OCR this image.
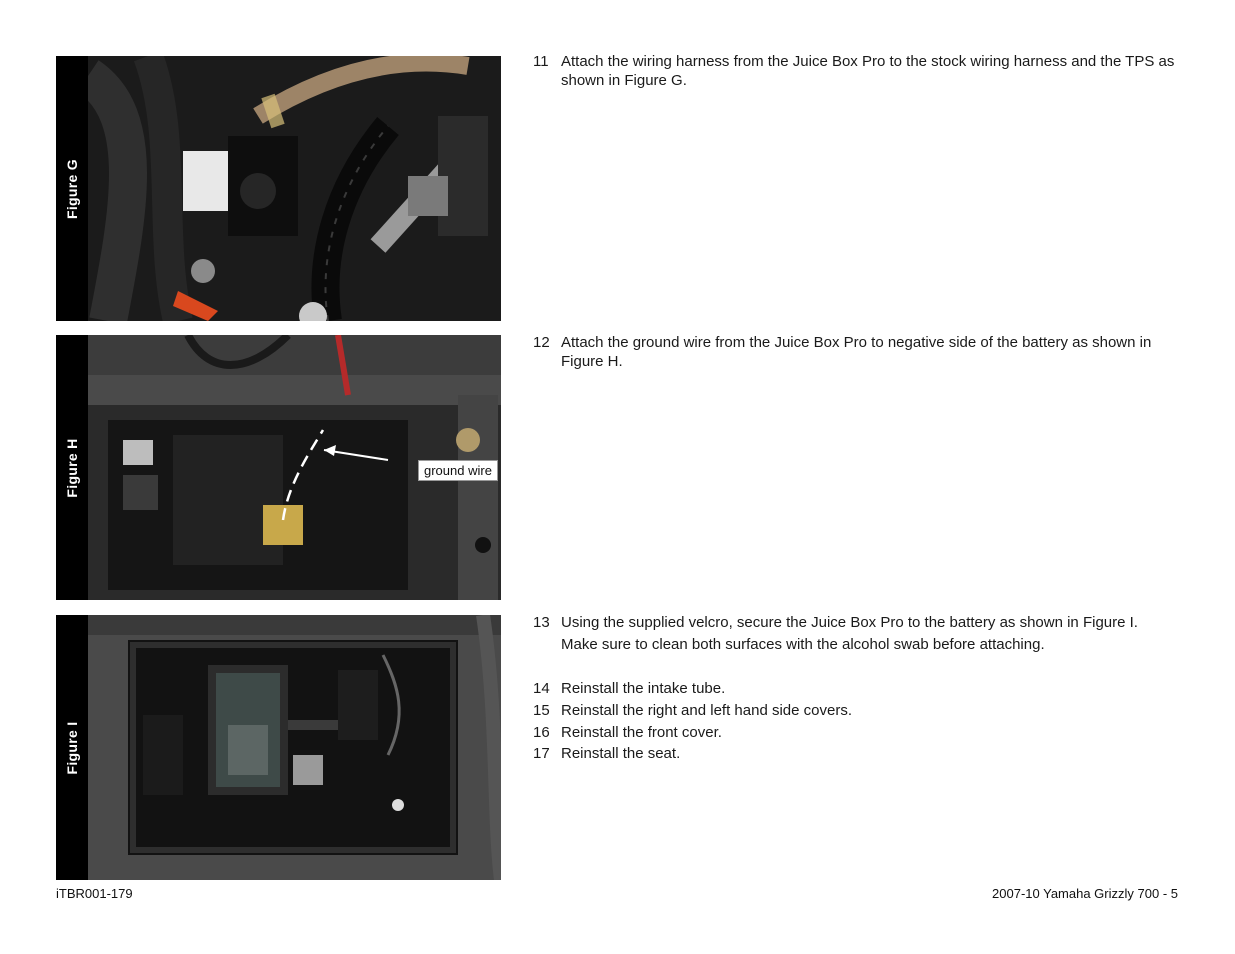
Figure G
Figure H	ground wire
Figure I
11 Attach the wiring harness from the Juice Box Pro to the stock wiring harness and the TPS as shown in Figure G.
12 Attach the ground wire from the Juice Box Pro to negative side of the battery as shown in Figure H.
13 Using the supplied velcro, secure the Juice Box Pro to the battery as shown in Figure I.
Make sure to clean both surfaces with the alcohol swab before attaching.
14 Reinstall the intake tube.
15 Reinstall the right and left hand side covers.
16 Reinstall the front cover.
17 Reinstall the seat.
iTBR001-179	2007-10 Yamaha Grizzly 700 - 5
